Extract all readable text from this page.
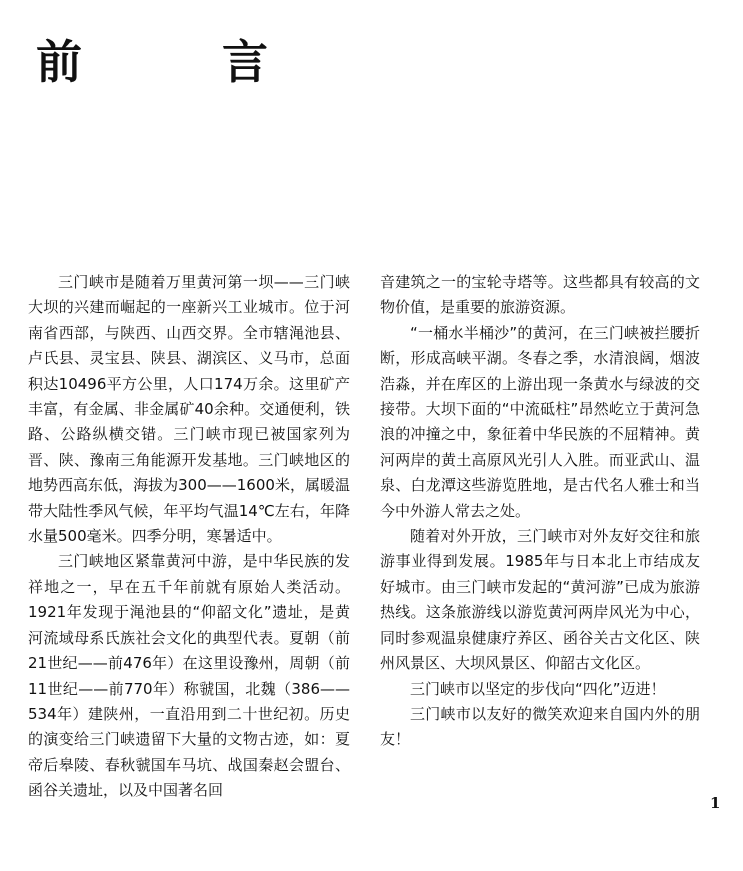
前 言

三门峡市是随着万里黄河第一坝——三门峡大坝的兴建而崛起的一座新兴工业城市。位于河南省西部，与陕西、山西交界。全市辖渑池县、卢氏县、灵宝县、陕县、湖滨区、义马市，总面积达10496平方公里，人口174万余。这里矿产丰富，有金属、非金属矿40余种。交通便利，铁路、公路纵横交错。三门峡市现已被国家列为晋、陕、豫南三角能源开发基地。三门峡地区的地势西高东低，海拔为300——1600米，属暖温带大陆性季风气候，年平均气温14℃左右，年降水量500毫米。四季分明，寒暑适中。

三门峡地区紧靠黄河中游，是中华民族的发祥地之一，早在五千年前就有原始人类活动。1921年发现于渑池县的“仰韶文化”遗址，是黄河流域母系氏族社会文化的典型代表。夏朝（前21世纪——前476年）在这里设豫州，周朝（前11世纪——前770年）称虢国，北魏（386——534年）建陕州，一直沿用到二十世纪初。历史的演变给三门峡遗留下大量的文物古迹，如：夏帝后皋陵、春秋虢国车马坑、战国秦赵会盟台、函谷关遗址，以及中国著名回

音建筑之一的宝轮寺塔等。这些都具有较高的文物价值，是重要的旅游资源。

“一桶水半桶沙”的黄河，在三门峡被拦腰折断，形成高峡平湖。冬春之季，水清浪阔，烟波浩淼，并在库区的上游出现一条黄水与绿波的交接带。大坝下面的“中流砥柱”昂然屹立于黄河急浪的冲撞之中，象征着中华民族的不屈精神。黄河两岸的黄土高原风光引人入胜。而亚武山、温泉、白龙潭这些游览胜地，是古代名人雅士和当今中外游人常去之处。

随着对外开放，三门峡市对外友好交往和旅游事业得到发展。1985年与日本北上市结成友好城市。由三门峡市发起的“黄河游”已成为旅游热线。这条旅游线以游览黄河两岸风光为中心，同时参观温泉健康疗养区、函谷关古文化区、陕州风景区、大坝风景区、仰韶古文化区。

三门峡市以坚定的步伐向“四化”迈进！

三门峡市以友好的微笑欢迎来自国内外的朋友！

1
